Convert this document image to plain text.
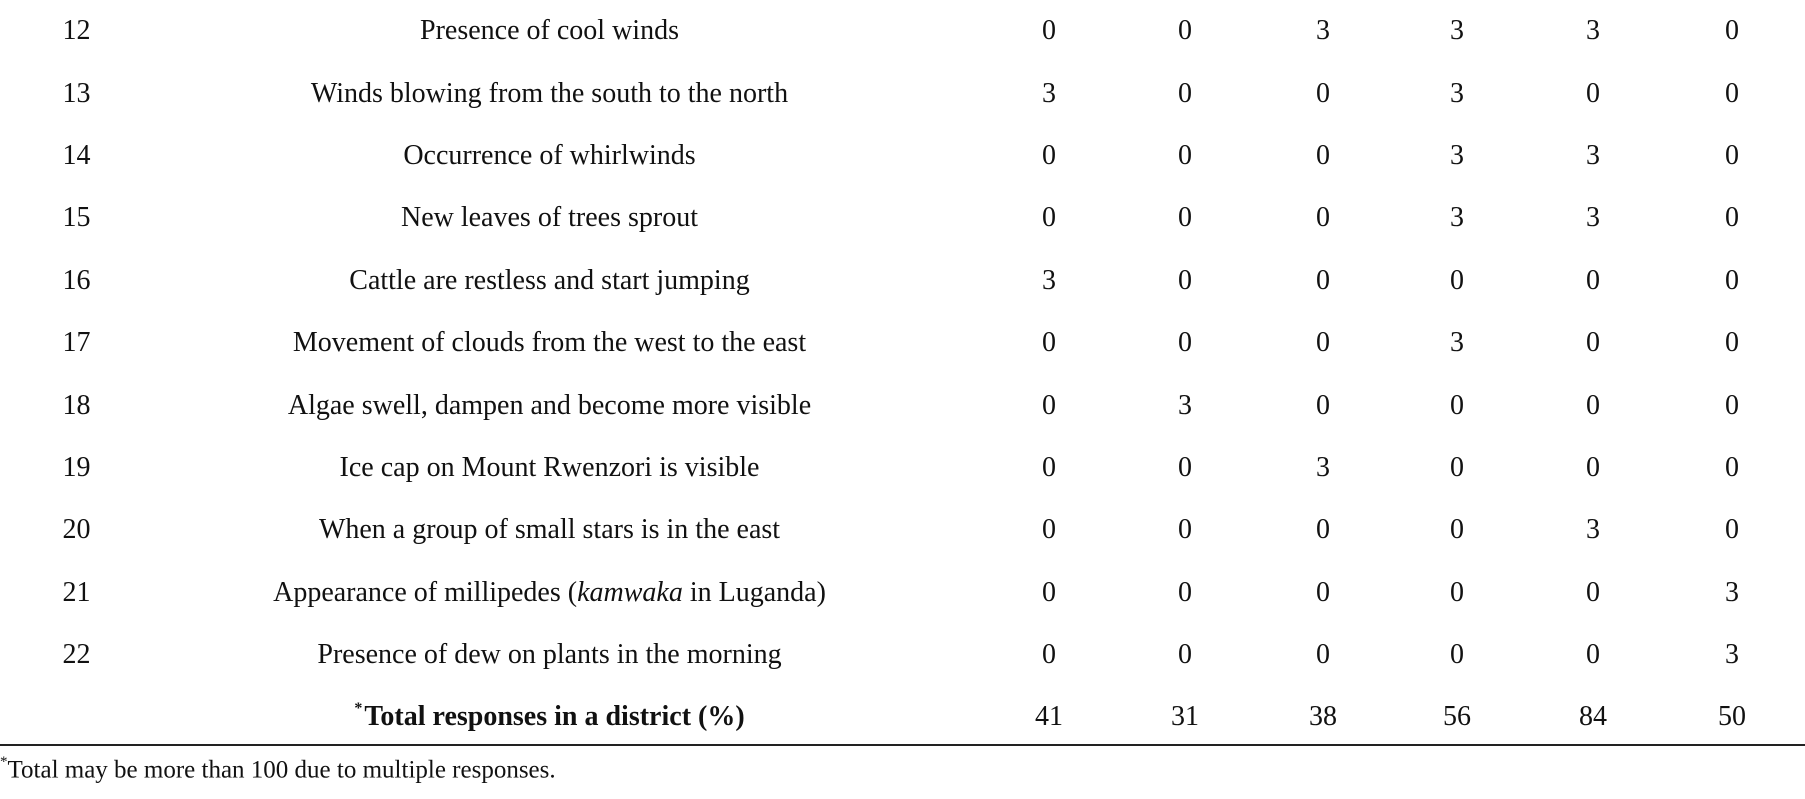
12	Presence of cool winds	0	0	3	3	3	0
13	Winds blowing from the south to the north	3	0	0	3	0	0
14	Occurrence of whirlwinds	0	0	0	3	3	0
15	New leaves of trees sprout	0	0	0	3	3	0
16	Cattle are restless and start jumping	3	0	0	0	0	0
17	Movement of clouds from the west to the east	0	0	0	3	0	0
18	Algae swell, dampen and become more visible	0	3	0	0	0	0
19	Ice cap on Mount Rwenzori is visible	0	0	3	0	0	0
20	When a group of small stars is in the east	0	0	0	0	3	0
21	Appearance of millipedes (kamwaka in Luganda)	0	0	0	0	0	3
22	Presence of dew on plants in the morning	0	0	0	0	0	3
	*Total responses in a district (%)	41	31	38	56	84	50
*Total may be more than 100 due to multiple responses.
